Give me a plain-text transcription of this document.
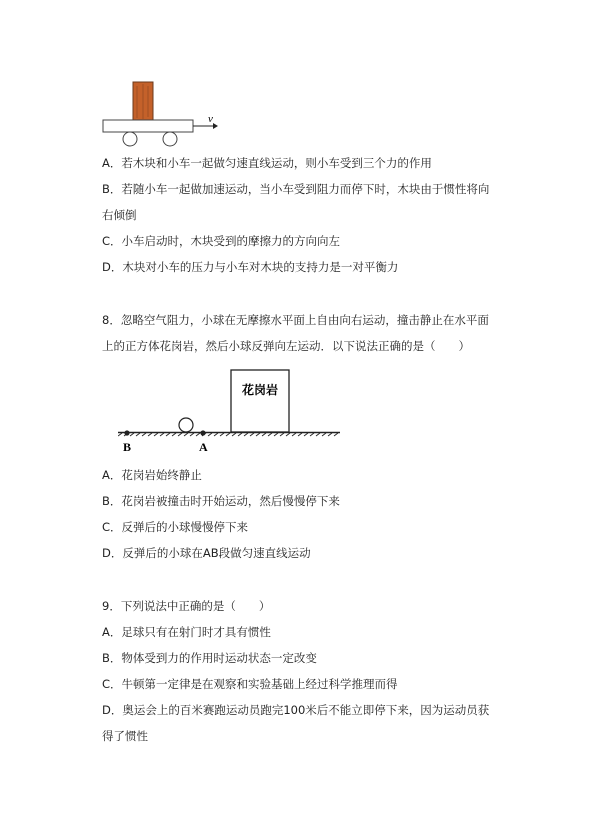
v
A．若木块和小车一起做匀速直线运动，则小车受到三个力的作用
B．若随小车一起做加速运动，当小车受到阻力而停下时，木块由于惯性将向
右倾倒
C．小车启动时，木块受到的摩擦力的方向向左
D．木块对小车的压力与小车对木块的支持力是一对平衡力
8．忽略空气阻力，小球在无摩擦水平面上自由向右运动，撞击静止在水平面
上的正方体花岗岩，然后小球反弹向左运动．以下说法正确的是（　　）
花岗岩
B	A
A．花岗岩始终静止
B．花岗岩被撞击时开始运动，然后慢慢停下来
C．反弹后的小球慢慢停下来
D．反弹后的小球在AB段做匀速直线运动
9．下列说法中正确的是（　　）
A．足球只有在射门时才具有惯性
B．物体受到力的作用时运动状态一定改变
C．牛顿第一定律是在观察和实验基础上经过科学推理而得
D．奥运会上的百米赛跑运动员跑完100米后不能立即停下来，因为运动员获
得了惯性
